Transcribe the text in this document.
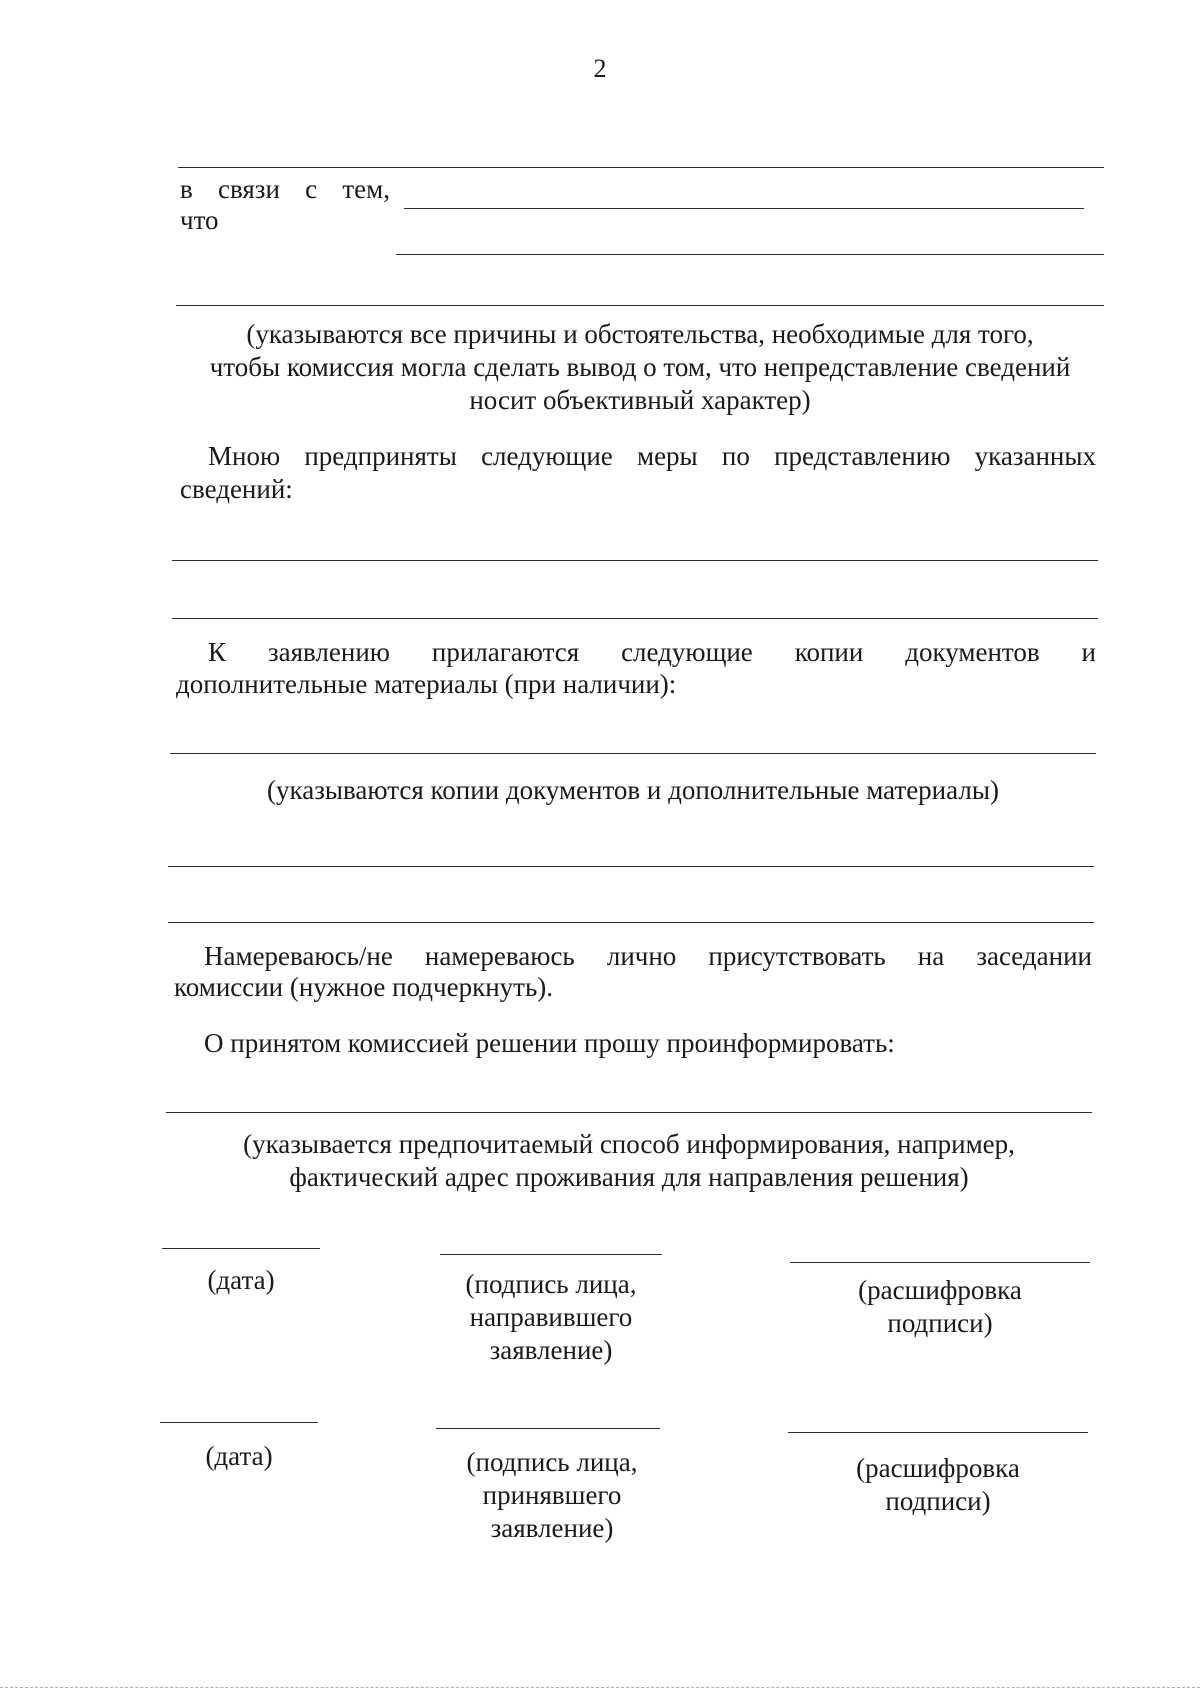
2
в связи с тем,
что
(указываются все причины и обстоятельства, необходимые для того,
чтобы комиссия могла сделать вывод о том, что непредставление сведений
носит объективный характер)
Мною предприняты следующие меры по представлению указанных
сведений:
К заявлению прилагаются следующие копии документов и
дополнительные материалы (при наличии):
(указываются копии документов и дополнительные материалы)
Намереваюсь/не намереваюсь лично присутствовать на заседании
комиссии (нужное подчеркнуть).
О принятом комиссией решении прошу проинформировать:
(указывается предпочитаемый способ информирования, например,
фактический адрес проживания для направления решения)
(дата)	(подпись лица,
направившего
заявление)
(расшифровка
подписи)
(дата)	(подпись лица,
принявшего
заявление)
(расшифровка
подписи)
